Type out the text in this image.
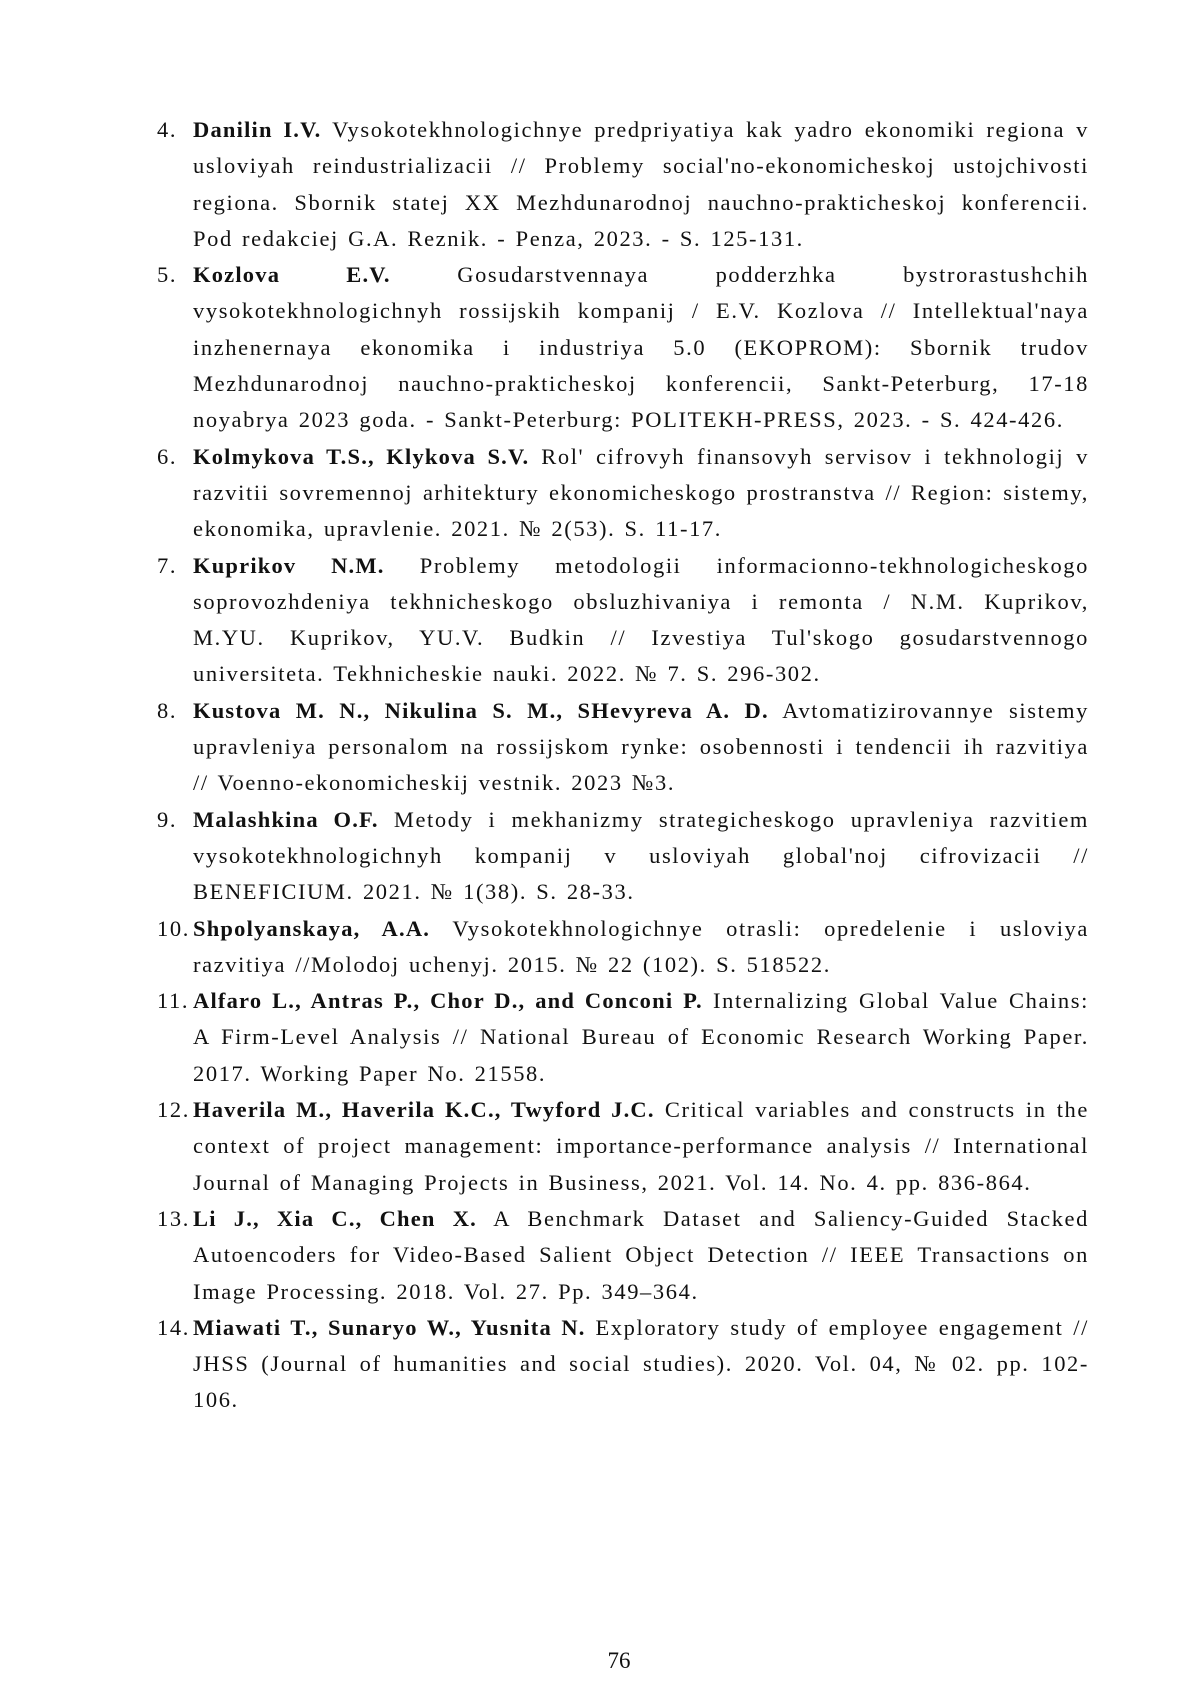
4. Danilin I.V. Vysokotekhnologichnye predpriyatiya kak yadro ekonomiki regiona v usloviyah reindustrializacii // Problemy social'no-ekonomicheskoj ustojchivosti regiona. Sbornik statej XX Mezhdunarodnoj nauchno-prakticheskoj konferencii. Pod redakciej G.A. Reznik. - Penza, 2023. - S. 125-131.
5. Kozlova E.V.	Gosudarstvennaya podderzhka bystrorastushchih vysokotekhnologichnyh rossijskih kompanij / E.V. Kozlova // Intellektual'naya inzhenernaya ekonomika i industriya 5.0 (EKOPROM): Sbornik trudov Mezhdunarodnoj nauchno-prakticheskoj konferencii, Sankt-Peterburg, 17-18 noyabrya 2023 goda. - Sankt-Peterburg: POLITEKH-PRESS, 2023. - S. 424-426.
6. Kolmykova T.S., Klykova S.V. Rol' cifrovyh finansovyh servisov i tekhnologij v razvitii sovremennoj arhitektury ekonomicheskogo prostranstva // Region: sistemy, ekonomika, upravlenie. 2021. № 2(53). S. 11-17.
7. Kuprikov N.M. Problemy metodologii informacionno-tekhnologicheskogo soprovozhdeniya tekhnicheskogo obsluzhivaniya i remonta / N.M. Kuprikov, M.YU. Kuprikov, YU.V. Budkin // Izvestiya Tul'skogo gosudarstvennogo universiteta. Tekhnicheskie nauki. 2022. № 7. S. 296-302.
8. Kustova M. N., Nikulina S. M., SHevyreva A. D. Avtomatizirovannye sistemy upravleniya personalom na rossijskom rynke: osobennosti i tendencii ih razvitiya // Voenno-ekonomicheskij vestnik. 2023 №3.
9. Malashkina O.F. Metody i mekhanizmy strategicheskogo upravleniya razvitiem vysokotekhnologichnyh kompanij v usloviyah global'noj cifrovizacii // BENEFICIUM. 2021. № 1(38). S. 28-33.
10. Shpolyanskaya, A.A. Vysokotekhnologichnye otrasli: opredelenie i usloviya razvitiya //Molodoj uchenyj. 2015. № 22 (102). S. 518522.
11. Alfaro L., Antras P., Chor D., and Conconi P. Internalizing Global Value Chains: A Firm-Level Analysis // National Bureau of Economic Research Working Paper. 2017. Working Paper No. 21558.
12. Haverila M., Haverila K.C., Twyford J.C. Critical variables and constructs in the context of project management: importance-performance analysis // International Journal of Managing Projects in Business, 2021. Vol. 14. No. 4. pp. 836-864.
13. Li J., Xia C., Chen X. A Benchmark Dataset and Saliency-Guided Stacked Autoencoders for Video-Based Salient Object Detection // IEEE Transactions on Image Processing. 2018. Vol. 27. Pp. 349–364.
14. Miawati T., Sunaryo W., Yusnita N. Exploratory study of employee engagement // JHSS (Journal of humanities and social studies). 2020. Vol. 04, № 02. pp. 102-106.
76
